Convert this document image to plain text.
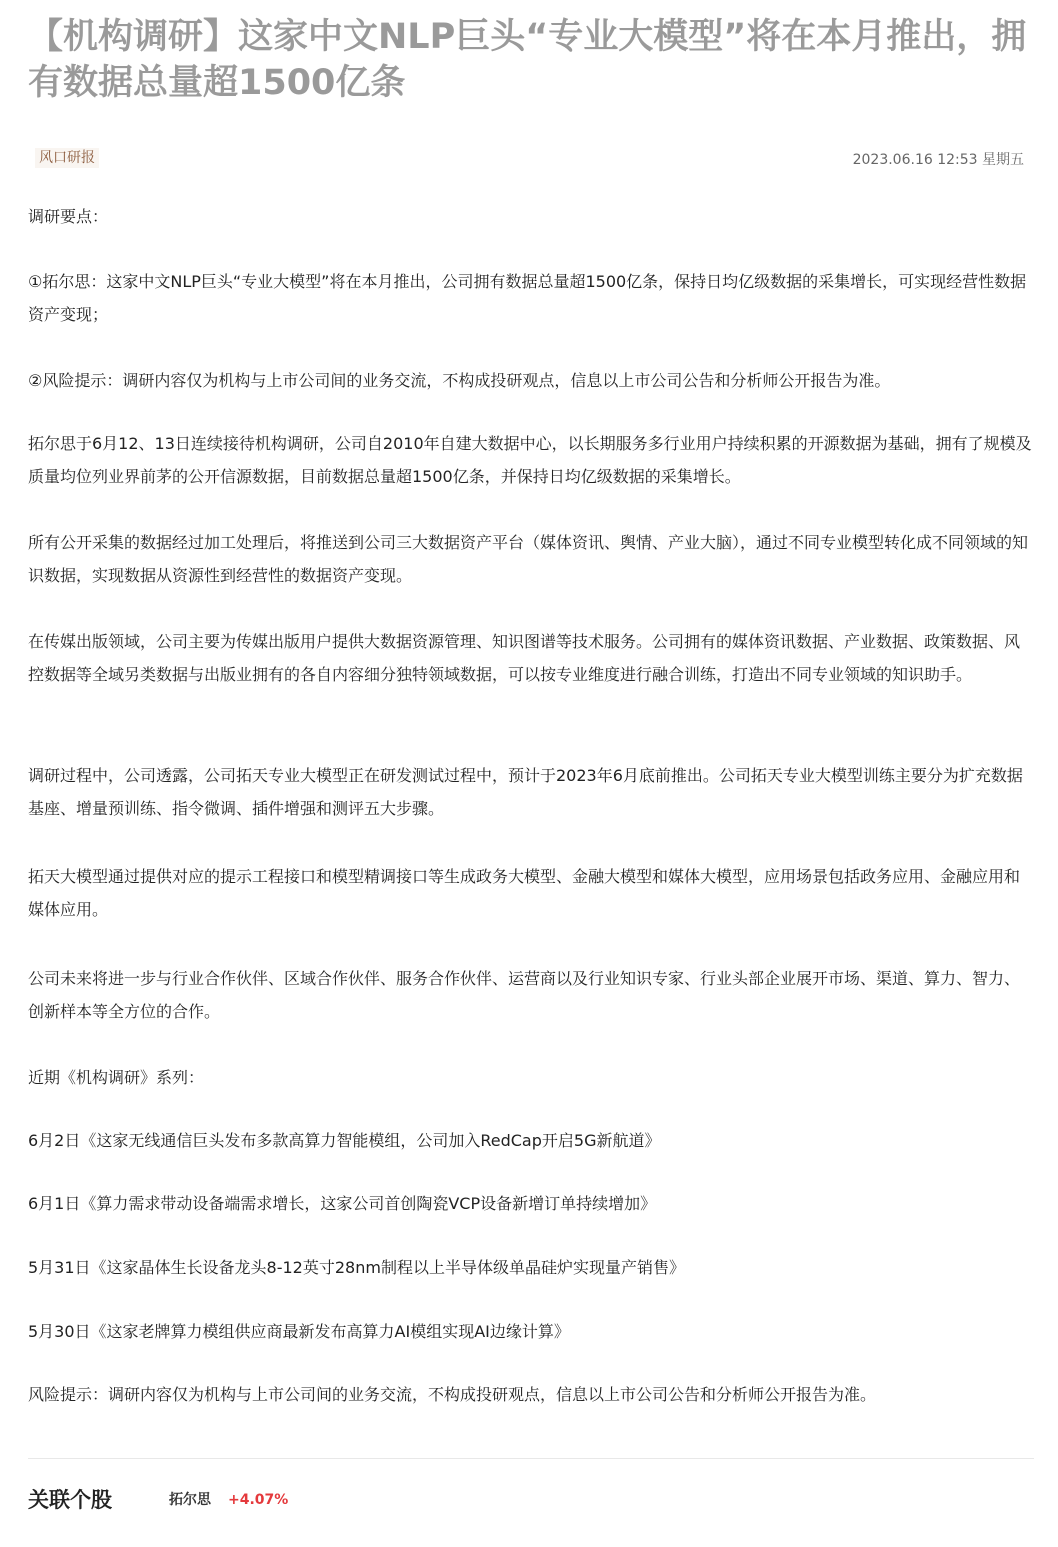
【机构调研】这家中文NLP巨头“专业大模型”将在本月推出，拥有数据总量超1500亿条
风口研报	2023.06.16 12:53 星期五

调研要点：

①拓尔思：这家中文NLP巨头“专业大模型”将在本月推出，公司拥有数据总量超1500亿条，保持日均亿级数据的采集增长，可实现经营性数据资产变现；

②风险提示：调研内容仅为机构与上市公司间的业务交流，不构成投研观点，信息以上市公司公告和分析师公开报告为准。

拓尔思于6月12、13日连续接待机构调研，公司自2010年自建大数据中心，以长期服务多行业用户持续积累的开源数据为基础，拥有了规模及质量均位列业界前茅的公开信源数据，目前数据总量超1500亿条，并保持日均亿级数据的采集增长。

所有公开采集的数据经过加工处理后，将推送到公司三大数据资产平台（媒体资讯、舆情、产业大脑），通过不同专业模型转化成不同领域的知识数据，实现数据从资源性到经营性的数据资产变现。

在传媒出版领域，公司主要为传媒出版用户提供大数据资源管理、知识图谱等技术服务。公司拥有的媒体资讯数据、产业数据、政策数据、风控数据等全域另类数据与出版业拥有的各自内容细分独特领域数据，可以按专业维度进行融合训练，打造出不同专业领域的知识助手。

调研过程中，公司透露，公司拓天专业大模型正在研发测试过程中，预计于2023年6月底前推出。公司拓天专业大模型训练主要分为扩充数据基座、增量预训练、指令微调、插件增强和测评五大步骤。

拓天大模型通过提供对应的提示工程接口和模型精调接口等生成政务大模型、金融大模型和媒体大模型，应用场景包括政务应用、金融应用和媒体应用。

公司未来将进一步与行业合作伙伴、区域合作伙伴、服务合作伙伴、运营商以及行业知识专家、行业头部企业展开市场、渠道、算力、智力、创新样本等全方位的合作。

近期《机构调研》系列：

6月2日《这家无线通信巨头发布多款高算力智能模组，公司加入RedCap开启5G新航道》

6月1日《算力需求带动设备端需求增长，这家公司首创陶瓷VCP设备新增订单持续增加》

5月31日《这家晶体生长设备龙头8-12英寸28nm制程以上半导体级单晶硅炉实现量产销售》

5月30日《这家老牌算力模组供应商最新发布高算力AI模组实现AI边缘计算》

风险提示：调研内容仅为机构与上市公司间的业务交流，不构成投研观点，信息以上市公司公告和分析师公开报告为准。

关联个股	拓尔思 +4.07%
